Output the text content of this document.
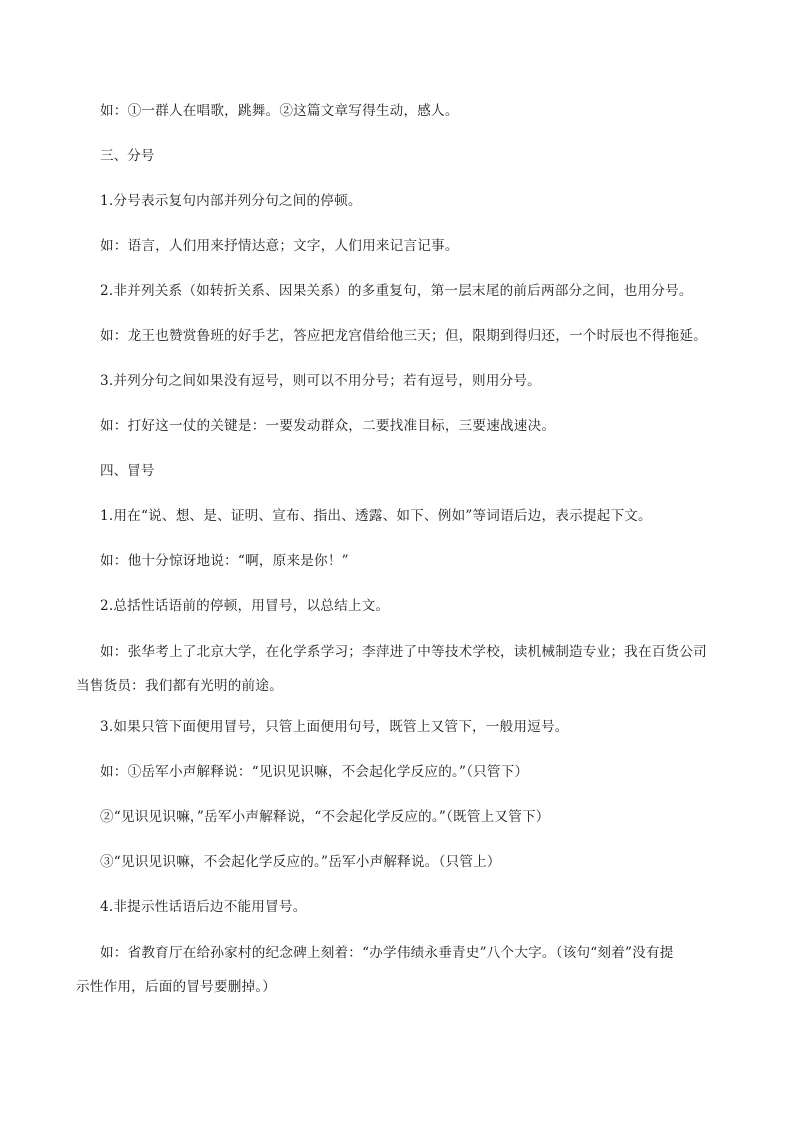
如：①一群人在唱歌，跳舞。②这篇文章写得生动，感人。

三、分号

1.分号表示复句内部并列分句之间的停顿。

如：语言，人们用来抒情达意；文字，人们用来记言记事。

2.非并列关系（如转折关系、因果关系）的多重复句，第一层末尾的前后两部分之间，也用分号。

如：龙王也赞赏鲁班的好手艺，答应把龙宫借给他三天；但，限期到得归还，一个时辰也不得拖延。

3.并列分句之间如果没有逗号，则可以不用分号；若有逗号，则用分号。

如：打好这一仗的关键是：一要发动群众，二要找准目标，三要速战速决。

四、冒号

1.用在“说、想、是、证明、宣布、指出、透露、如下、例如”等词语后边，表示提起下文。

如：他十分惊讶地说：“啊，原来是你！”

2.总括性话语前的停顿，用冒号，以总结上文。

如：张华考上了北京大学，在化学系学习；李萍进了中等技术学校，读机械制造专业；我在百货公司
当售货员：我们都有光明的前途。

3.如果只管下面便用冒号，只管上面便用句号，既管上又管下，一般用逗号。

如：①岳军小声解释说：“见识见识嘛，不会起化学反应的。”（只管下）

②“见识见识嘛，”岳军小声解释说，“不会起化学反应的。”（既管上又管下）

③“见识见识嘛，不会起化学反应的。”岳军小声解释说。（只管上）

4.非提示性话语后边不能用冒号。

如：省教育厅在给孙家村的纪念碑上刻着：“办学伟绩永垂青史”八个大字。（该句“刻着”没有提
示性作用，后面的冒号要删掉。）
